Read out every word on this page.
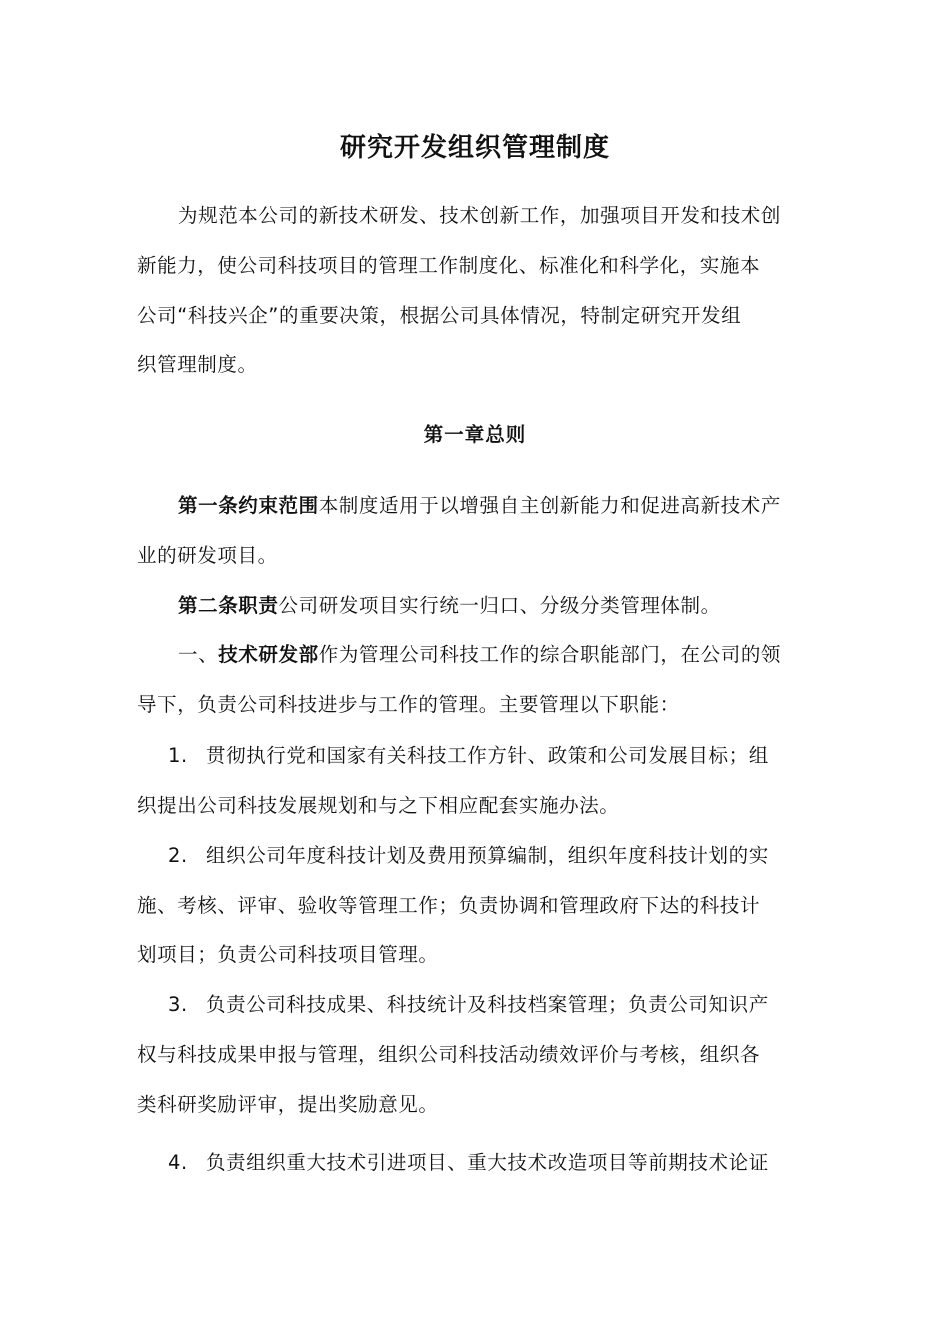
研究开发组织管理制度
为规范本公司的新技术研发、技术创新工作，加强项目开发和技术创
新能力，使公司科技项目的管理工作制度化、标准化和科学化，实施本
公司“科技兴企”的重要决策，根据公司具体情况，特制定研究开发组
织管理制度。
第一章总则
第一条约束范围本制度适用于以增强自主创新能力和促进高新技术产
业的研发项目。
第二条职责公司研发项目实行统一归口、分级分类管理体制。
一、技术研发部作为管理公司科技工作的综合职能部门，在公司的领
导下，负责公司科技进步与工作的管理。主要管理以下职能：
1. 贯彻执行党和国家有关科技工作方针、政策和公司发展目标；组
织提出公司科技发展规划和与之下相应配套实施办法。
2. 组织公司年度科技计划及费用预算编制，组织年度科技计划的实
施、考核、评审、验收等管理工作；负责协调和管理政府下达的科技计
划项目；负责公司科技项目管理。
3. 负责公司科技成果、科技统计及科技档案管理；负责公司知识产
权与科技成果申报与管理，组织公司科技活动绩效评价与考核，组织各
类科研奖励评审，提出奖励意见。
4. 负责组织重大技术引进项目、重大技术改造项目等前期技术论证
